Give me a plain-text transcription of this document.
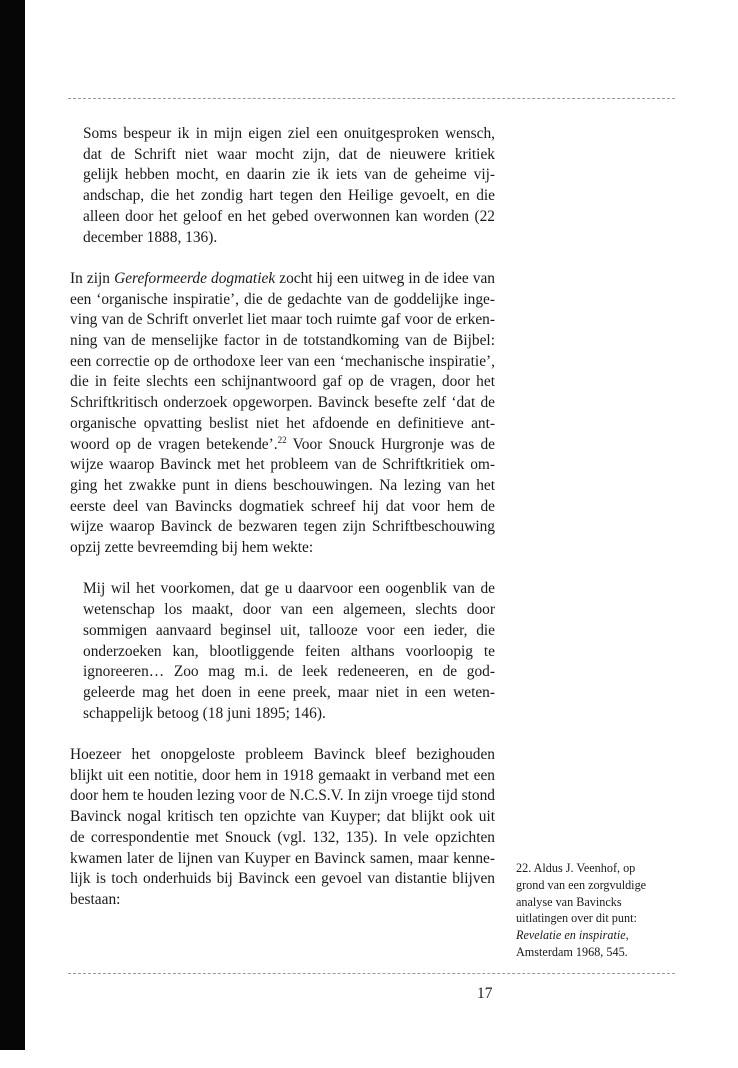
Soms bespeur ik in mijn eigen ziel een onuitgesproken wensch,
dat de Schrift niet waar mocht zijn, dat de nieuwere kritiek
gelijk hebben mocht, en daarin zie ik iets van de geheime vij-
andschap, die het zondig hart tegen den Heilige gevoelt, en die
alleen door het geloof en het gebed overwonnen kan worden (22
december 1888, 136).
In zijn Gereformeerde dogmatiek zocht hij een uitweg in de idee van
een ‘organische inspiratie’, die de gedachte van de goddelijke inge-
ving van de Schrift onverlet liet maar toch ruimte gaf voor de erken-
ning van de menselijke factor in de totstandkoming van de Bijbel:
een correctie op de orthodoxe leer van een ‘mechanische inspiratie’,
die in feite slechts een schijnantwoord gaf op de vragen, door het
Schriftkritisch onderzoek opgeworpen. Bavinck besefte zelf ‘dat de
organische opvatting beslist niet het afdoende en definitieve ant-
woord op de vragen betekende’.$^{22}$ Voor Snouck Hurgronje was de
wijze waarop Bavinck met het probleem van de Schriftkritiek om-
ging het zwakke punt in diens beschouwingen. Na lezing van het
eerste deel van Bavincks dogmatiek schreef hij dat voor hem de
wijze waarop Bavinck de bezwaren tegen zijn Schriftbeschouwing
opzij zette bevreemding bij hem wekte:
Mij wil het voorkomen, dat ge u daarvoor een oogenblik van de
wetenschap los maakt, door van een algemeen, slechts door
sommigen aanvaard beginsel uit, tallooze voor een ieder, die
onderzoeken kan, blootliggende feiten althans voorloopig te
ignoreeren… Zoo mag m.i. de leek redeneeren, en de god-
geleerde mag het doen in eene preek, maar niet in een weten-
schappelijk betoog (18 juni 1895; 146).
Hoezeer het onopgeloste probleem Bavinck bleef bezighouden
blijkt uit een notitie, door hem in 1918 gemaakt in verband met een
door hem te houden lezing voor de N.C.S.V. In zijn vroege tijd stond
Bavinck nogal kritisch ten opzichte van Kuyper; dat blijkt ook uit
de correspondentie met Snouck (vgl. 132, 135). In vele opzichten
kwamen later de lijnen van Kuyper en Bavinck samen, maar kenne-
lijk is toch onderhuids bij Bavinck een gevoel van distantie blijven
bestaan:
22. Aldus J. Veenhof, op
grond van een zorgvuldige
analyse van Bavincks
uitlatingen over dit punt:
Revelatie en inspiratie,
Amsterdam 1968, 545.
17
